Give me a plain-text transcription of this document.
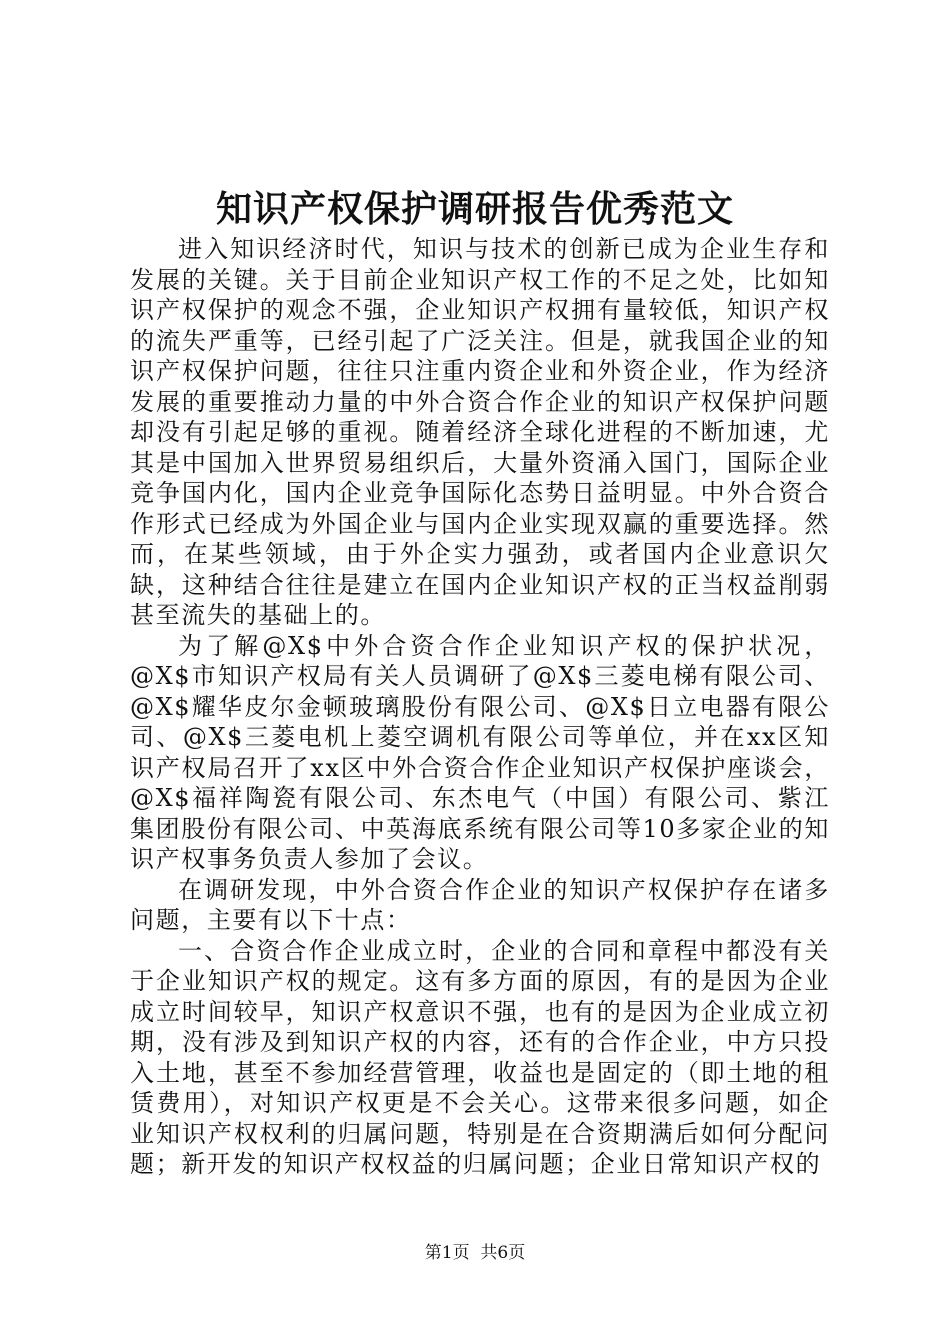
知识产权保护调研报告优秀范文

进入知识经济时代，知识与技术的创新已成为企业生存和发展的关键。关于目前企业知识产权工作的不足之处，比如知识产权保护的观念不强，企业知识产权拥有量较低，知识产权的流失严重等，已经引起了广泛关注。但是，就我国企业的知识产权保护问题，往往只注重内资企业和外资企业，作为经济发展的重要推动力量的中外合资合作企业的知识产权保护问题却没有引起足够的重视。随着经济全球化进程的不断加速，尤其是中国加入世界贸易组织后，大量外资涌入国门，国际企业竞争国内化，国内企业竞争国际化态势日益明显。中外合资合作形式已经成为外国企业与国内企业实现双赢的重要选择。然而，在某些领域，由于外企实力强劲，或者国内企业意识欠缺，这种结合往往是建立在国内企业知识产权的正当权益削弱甚至流失的基础上的。

为了解@X$中外合资合作企业知识产权的保护状况，@X$市知识产权局有关人员调研了@X$三菱电梯有限公司、@X$耀华皮尔金顿玻璃股份有限公司、@X$日立电器有限公司、@X$三菱电机上菱空调机有限公司等单位，并在xx区知识产权局召开了xx区中外合资合作企业知识产权保护座谈会，@X$福祥陶瓷有限公司、东杰电气（中国）有限公司、紫江集团股份有限公司、中英海底系统有限公司等10多家企业的知识产权事务负责人参加了会议。

在调研发现，中外合资合作企业的知识产权保护存在诸多问题，主要有以下十点：

一、合资合作企业成立时，企业的合同和章程中都没有关于企业知识产权的规定。这有多方面的原因，有的是因为企业成立时间较早，知识产权意识不强，也有的是因为企业成立初期，没有涉及到知识产权的内容，还有的合作企业，中方只投入土地，甚至不参加经营管理，收益也是固定的（即土地的租赁费用），对知识产权更是不会关心。这带来很多问题，如企业知识产权权利的归属问题，特别是在合资期满后如何分配问题；新开发的知识产权权益的归属问题；企业日常知识产权的

第1页  共6页
